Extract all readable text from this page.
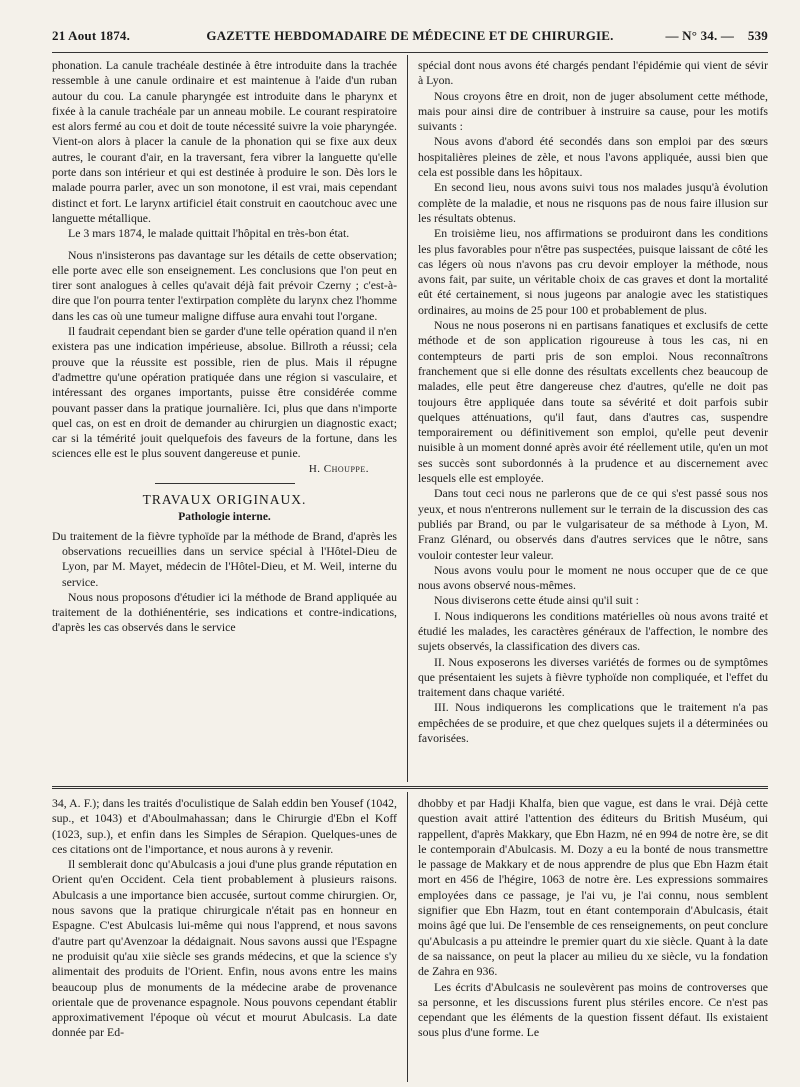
21 Aout 1874.	GAZETTE HEBDOMADAIRE DE MÉDECINE ET DE CHIRURGIE.	— N° 34. — 539

phonation. La canule trachéale destinée à être introduite dans la trachée ressemble à une canule ordinaire et est maintenue à l'aide d'un ruban autour du cou. La canule pharyngée est introduite dans le pharynx et fixée à la canule trachéale par un anneau mobile. Le courant respiratoire est alors fermé au cou et doit de toute nécessité suivre la voie pharyngée. Vient-on alors à placer la canule de la phonation qui se fixe aux deux autres, le courant d'air, en la traversant, fera vibrer la languette qu'elle porte dans son intérieur et qui est destinée à produire le son. Dès lors le malade pourra parler, avec un son monotone, il est vrai, mais cependant distinct et fort. Le larynx artificiel était construit en caoutchouc avec une languette métallique.

Le 3 mars 1874, le malade quittait l'hôpital en très-bon état.

Nous n'insisterons pas davantage sur les détails de cette observation; elle porte avec elle son enseignement. Les conclusions que l'on peut en tirer sont analogues à celles qu'avait déjà fait prévoir Czerny ; c'est-à-dire que l'on pourra tenter l'extirpation complète du larynx chez l'homme dans les cas où une tumeur maligne diffuse aura envahi tout l'organe.

Il faudrait cependant bien se garder d'une telle opération quand il n'en existera pas une indication impérieuse, absolue. Billroth a réussi; cela prouve que la réussite est possible, rien de plus. Mais il répugne d'admettre qu'une opération pratiquée dans une région si vasculaire, et intéressant des organes importants, puisse être considérée comme pouvant passer dans la pratique journalière. Ici, plus que dans n'importe quel cas, on est en droit de demander au chirurgien un diagnostic exact; car si la témérité jouit quelquefois des faveurs de la fortune, dans les sciences elle est le plus souvent dangereuse et punie.

H. Chouppe.
TRAVAUX ORIGINAUX.
Pathologie interne.

Du traitement de la fièvre typhoïde par la méthode de Brand, d'après les observations recueillies dans un service spécial à l'Hôtel-Dieu de Lyon, par M. Mayet, médecin de l'Hôtel-Dieu, et M. Weil, interne du service.

Nous nous proposons d'étudier ici la méthode de Brand appliquée au traitement de la dothiénentérie, ses indications et contre-indications, d'après les cas observés dans le service

spécial dont nous avons été chargés pendant l'épidémie qui vient de sévir à Lyon.

Nous croyons être en droit, non de juger absolument cette méthode, mais pour ainsi dire de contribuer à instruire sa cause, pour les motifs suivants :

Nous avons d'abord été secondés dans son emploi par des sœurs hospitalières pleines de zèle, et nous l'avons appliquée, aussi bien que cela est possible dans les hôpitaux.

En second lieu, nous avons suivi tous nos malades jusqu'à évolution complète de la maladie, et nous ne risquons pas de nous faire illusion sur les résultats obtenus.

En troisième lieu, nos affirmations se produiront dans les conditions les plus favorables pour n'être pas suspectées, puisque laissant de côté les cas légers où nous n'avons pas cru devoir employer la méthode, nous avons fait, par suite, un véritable choix de cas graves et dont la mortalité eût été certainement, si nous jugeons par analogie avec les statistiques ordinaires, au moins de 25 pour 100 et probablement de plus.

Nous ne nous poserons ni en partisans fanatiques et exclusifs de cette méthode et de son application rigoureuse à tous les cas, ni en contempteurs de parti pris de son emploi. Nous reconnaîtrons franchement que si elle donne des résultats excellents chez beaucoup de malades, elle peut être dangereuse chez d'autres, qu'elle ne doit pas toujours être appliquée dans toute sa sévérité et doit parfois subir quelques atténuations, qu'il faut, dans d'autres cas, suspendre temporairement ou définitivement son emploi, qu'elle peut devenir nuisible à un moment donné après avoir été réellement utile, qu'en un mot ses succès sont subordonnés à la prudence et au discernement avec lesquels elle est employée.

Dans tout ceci nous ne parlerons que de ce qui s'est passé sous nos yeux, et nous n'entrerons nullement sur le terrain de la discussion des cas publiés par Brand, ou par le vulgarisateur de sa méthode à Lyon, M. Franz Glénard, ou observés dans d'autres services que le nôtre, sans vouloir contester leur valeur.

Nous avons voulu pour le moment ne nous occuper que de ce que nous avons observé nous-mêmes.

Nous diviserons cette étude ainsi qu'il suit :

I. Nous indiquerons les conditions matérielles où nous avons traité et étudié les malades, les caractères généraux de l'affection, le nombre des sujets observés, la classification des divers cas.

II. Nous exposerons les diverses variétés de formes ou de symptômes que présentaient les sujets à fièvre typhoïde non compliquée, et l'effet du traitement dans chaque variété.

III. Nous indiquerons les complications que le traitement n'a pas empêchées de se produire, et que chez quelques sujets il a déterminées ou favorisées.

34, A. F.); dans les traités d'oculistique de Salah eddin ben Yousef (1042, sup., et 1043) et d'Aboulmahassan; dans le Chirurgie d'Ebn el Koff (1023, sup.), et enfin dans les Simples de Sérapion. Quelques-unes de ces citations ont de l'importance, et nous aurons à y revenir.

Il semblerait donc qu'Abulcasis a joui d'une plus grande réputation en Orient qu'en Occident. Cela tient probablement à plusieurs raisons. Abulcasis a une importance bien accusée, surtout comme chirurgien. Or, nous savons que la pratique chirurgicale n'était pas en honneur en Espagne. C'est Abulcasis lui-même qui nous l'apprend, et nous savons d'autre part qu'Avenzoar la dédaignait. Nous savons aussi que l'Espagne ne produisit qu'au xiie siècle ses grands médecins, et que la science s'y alimentait des produits de l'Orient. Enfin, nous avons entre les mains beaucoup plus de monuments de la médecine arabe de provenance orientale que de provenance espagnole. Nous pouvons cependant établir approximativement l'époque où vécut et mourut Abulcasis. La date donnée par Ed-

dhobby et par Hadji Khalfa, bien que vague, est dans le vrai. Déjà cette question avait attiré l'attention des éditeurs du British Muséum, qui rappellent, d'après Makkary, que Ebn Hazm, né en 994 de notre ère, se dit le contemporain d'Abulcasis. M. Dozy a eu la bonté de nous transmettre le passage de Makkary et de nous apprendre de plus que Ebn Hazm était mort en 456 de l'hégire, 1063 de notre ère. Les expressions sommaires employées dans ce passage, je l'ai vu, je l'ai connu, nous semblent signifier que Ebn Hazm, tout en étant contemporain d'Abulcasis, était moins âgé que lui. De l'ensemble de ces renseignements, on peut conclure qu'Abulcasis a pu atteindre le premier quart du xie siècle. Quant à la date de sa naissance, on peut la placer au milieu du xe siècle, vu la fondation de Zahra en 936.

Les écrits d'Abulcasis ne soulevèrent pas moins de controverses que sa personne, et les discussions furent plus stériles encore. Ce n'est pas cependant que les éléments de la question fissent défaut. Ils existaient sous plus d'une forme. Le
